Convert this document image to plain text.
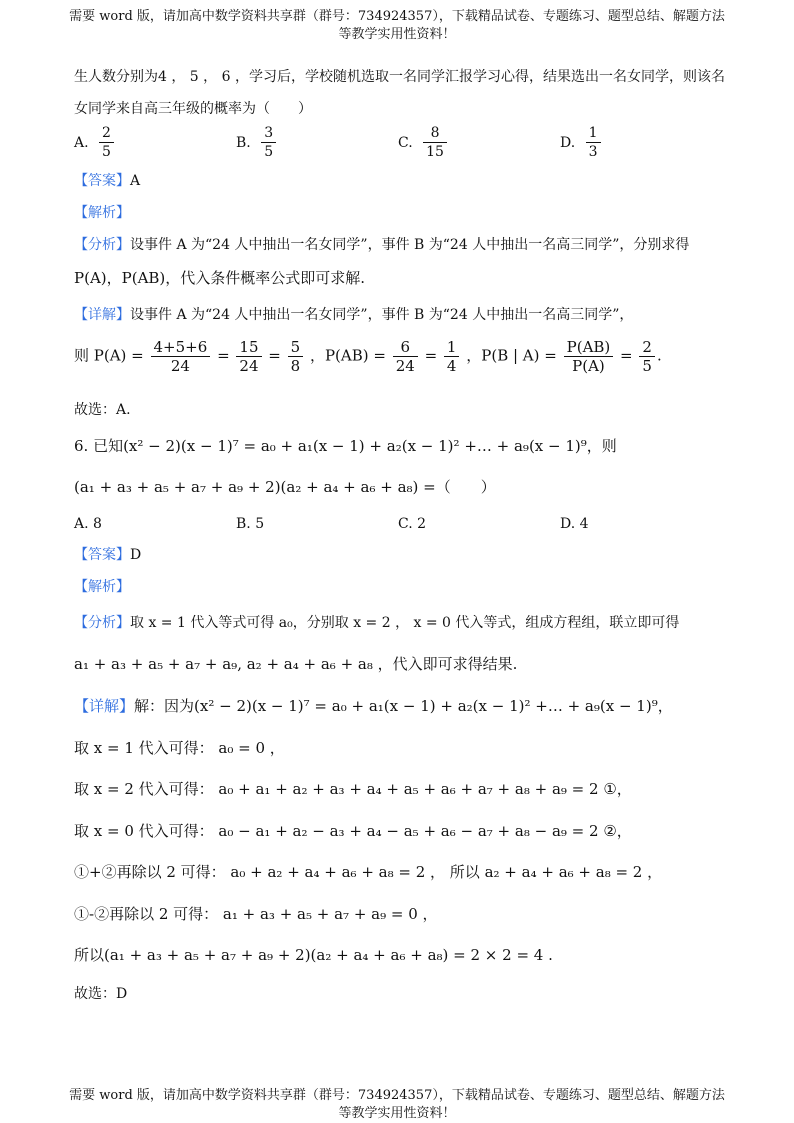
需要 word 版，请加高中数学资料共享群（群号：734924357），下载精品试卷、专题练习、题型总结、解题方法
等教学实用性资料！
生人数分别为4 ， 5 ， 6 ，学习后，学校随机选取一名同学汇报学习心得，结果选出一名女同学，则该名
女同学来自高三年级的概率为（　　）
A. $\frac{2}{5}$	B. $\frac{3}{5}$	C. $\frac{8}{15}$	D. $\frac{1}{3}$
【答案】A
【解析】
【分析】设事件 A 为“24 人中抽出一名女同学”，事件 B 为“24 人中抽出一名高三同学”，分别求得
P(A)，P(AB)，代入条件概率公式即可求解.
【详解】设事件 A 为“24 人中抽出一名女同学”，事件 B 为“24 人中抽出一名高三同学”，
则 $P(A) = \frac{4+5+6}{24} = \frac{15}{24} = \frac{5}{8}$ ，$P(AB) = \frac{6}{24} = \frac{1}{4}$ ，P(B | $A) = \frac{P(AB)}{P(A)} = \frac{2}{5}$ .
故选：A.
6. 已知(x² − 2)(x − 1)⁷ = a₀ + a₁(x − 1) + a₂(x − 1)² +… + a₉(x − 1)⁹，则
(a₁ + a₃ + a₅ + a₇ + a₉ + 2)(a₂ + a₄ + a₆ + a₈) =（　　）
A. 8	B. 5	C. 2	D. 4
【答案】D
【解析】
【分析】取 x = 1 代入等式可得 a₀，分别取 x = 2 ， x = 0 代入等式，组成方程组，联立即可得
a₁ + a₃ + a₅ + a₇ + a₉, a₂ + a₄ + a₆ + a₈ ，代入即可求得结果.
【详解】解：因为(x² − 2)(x − 1)⁷ = a₀ + a₁(x − 1) + a₂(x − 1)² +… + a₉(x − 1)⁹，
取 x = 1 代入可得： a₀ = 0 ，
取 x = 2 代入可得： a₀ + a₁ + a₂ + a₃ + a₄ + a₅ + a₆ + a₇ + a₈ + a₉ = 2 ①，
取 x = 0 代入可得： a₀ − a₁ + a₂ − a₃ + a₄ − a₅ + a₆ − a₇ + a₈ − a₉ = 2 ②，
①+②再除以 2 可得： a₀ + a₂ + a₄ + a₆ + a₈ = 2 ， 所以 a₂ + a₄ + a₆ + a₈ = 2 ，
①-②再除以 2 可得： a₁ + a₃ + a₅ + a₇ + a₉ = 0 ，
所以(a₁ + a₃ + a₅ + a₇ + a₉ + 2)(a₂ + a₄ + a₆ + a₈) = 2 × 2 = 4 .
故选：D
需要 word 版，请加高中数学资料共享群（群号：734924357），下载精品试卷、专题练习、题型总结、解题方法
等教学实用性资料！
